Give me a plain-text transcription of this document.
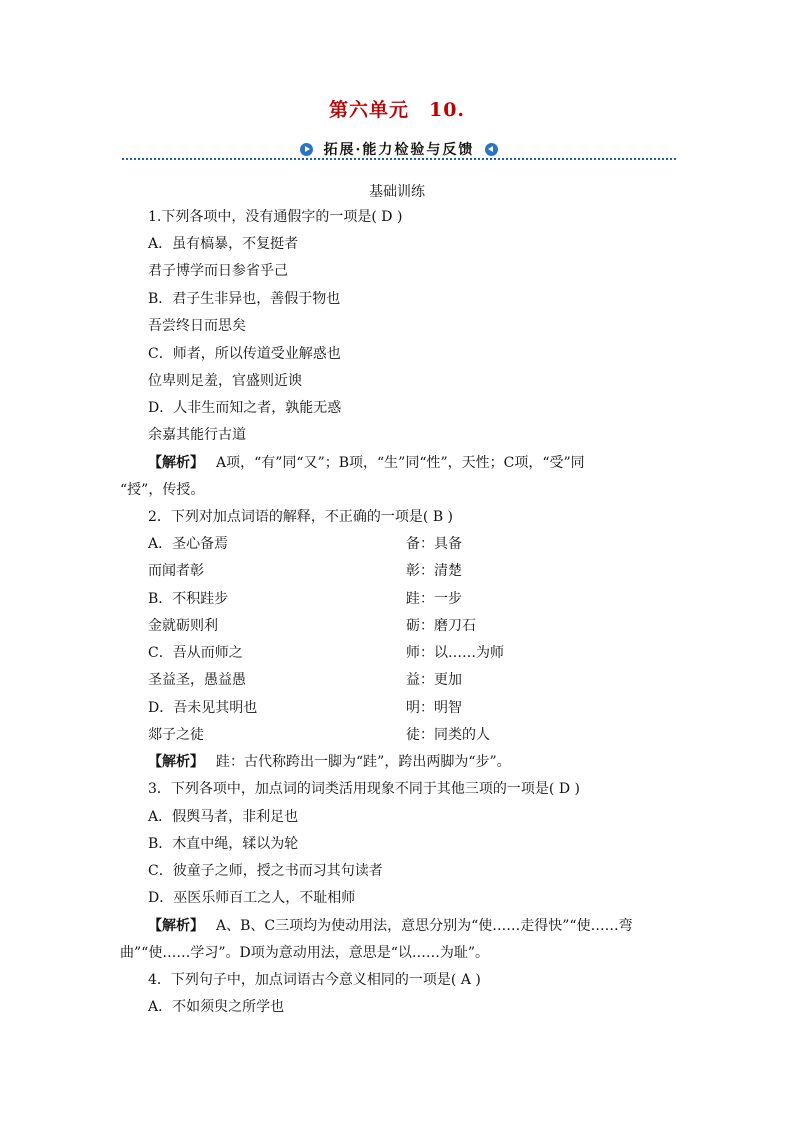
第六单元　10.
拓展·能力检验与反馈
基础训练
1.下列各项中，没有通假字的一项是( D )
A．虽有槁暴，不复挺者
君子博学而日参省乎己
B．君子生非异也，善假于物也
吾尝终日而思矣
C．师者，所以传道受业解惑也
位卑则足羞，官盛则近谀
D．人非生而知之者，孰能无惑
余嘉其能行古道
【解析】 A项，“有”同“又”；B项，“生”同“性”，天性；C项，“受”同
“授”，传授。
2．下列对加点词语的解释，不正确的一项是( B )
A．圣心备焉	备：具备
而闻者彰	彰：清楚
B．不积跬步	跬：一步
金就砺则利	砺：磨刀石
C．吾从而师之	师：以……为师
圣益圣，愚益愚	益：更加
D．吾未见其明也	明：明智
郯子之徒	徒：同类的人
【解析】 跬：古代称跨出一脚为“跬”，跨出两脚为“步”。
3．下列各项中，加点词的词类活用现象不同于其他三项的一项是( D )
A．假舆马者，非利足也
B．木直中绳，𫐓以为轮
C．彼童子之师，授之书而习其句读者
D．巫医乐师百工之人，不耻相师
【解析】 A、B、C三项均为使动用法，意思分别为“使……走得快”“使……弯
曲”“使……学习”。D项为意动用法，意思是“以……为耻”。
4．下列句子中，加点词语古今意义相同的一项是( A )
A．不如须臾之所学也
